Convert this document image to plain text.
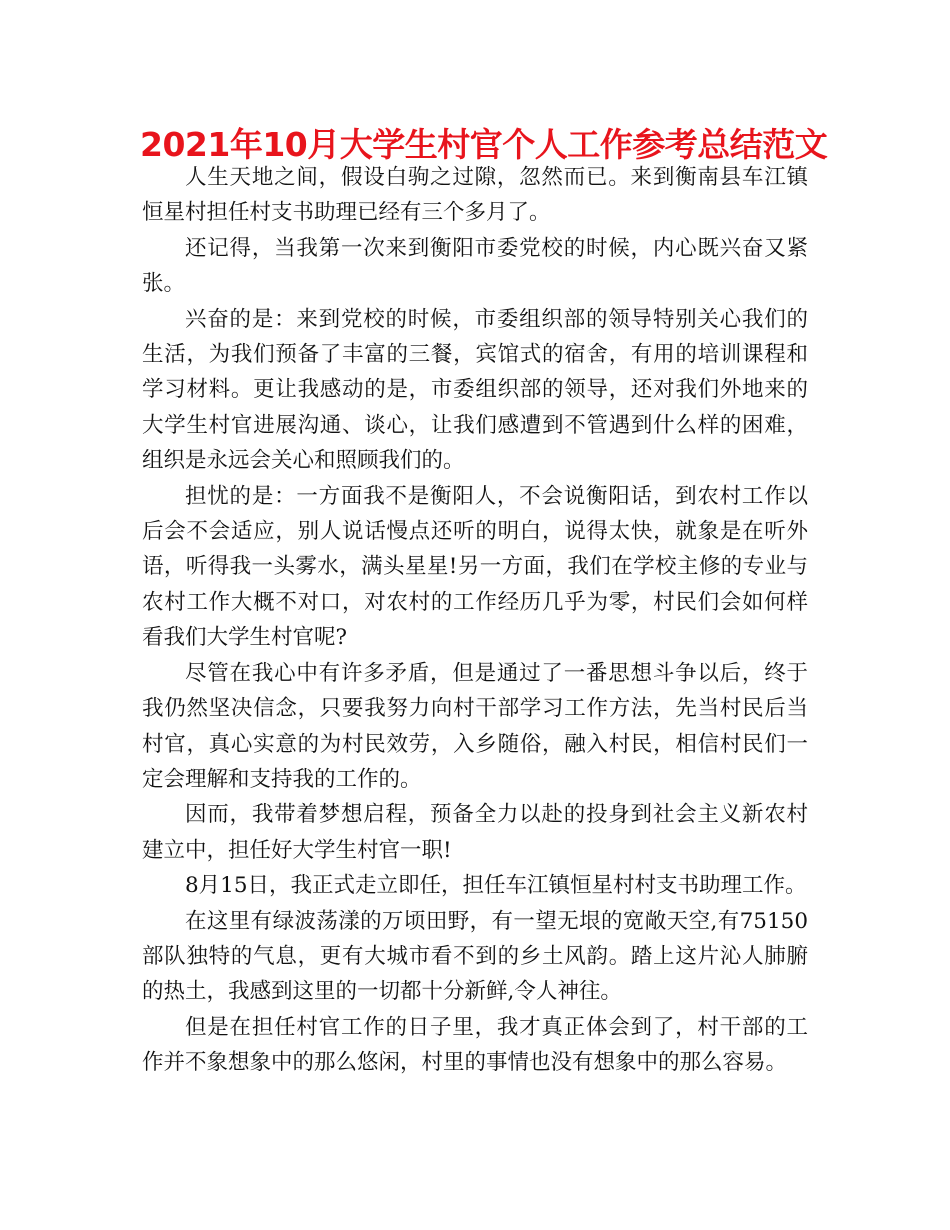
2021年10月大学生村官个人工作参考总结范文

人生天地之间，假设白驹之过隙，忽然而已。来到衡南县车江镇恒星村担任村支书助理已经有三个多月了。

还记得，当我第一次来到衡阳市委党校的时候，内心既兴奋又紧张。

兴奋的是：来到党校的时候，市委组织部的领导特别关心我们的生活，为我们预备了丰富的三餐，宾馆式的宿舍，有用的培训课程和学习材料。更让我感动的是，市委组织部的领导，还对我们外地来的大学生村官进展沟通、谈心，让我们感遭到不管遇到什么样的困难，组织是永远会关心和照顾我们的。

担忧的是：一方面我不是衡阳人，不会说衡阳话，到农村工作以后会不会适应，别人说话慢点还听的明白，说得太快，就象是在听外语，听得我一头雾水，满头星星!另一方面，我们在学校主修的专业与农村工作大概不对口，对农村的工作经历几乎为零，村民们会如何样看我们大学生村官呢?

尽管在我心中有许多矛盾，但是通过了一番思想斗争以后，终于我仍然坚决信念，只要我努力向村干部学习工作方法，先当村民后当村官，真心实意的为村民效劳，入乡随俗，融入村民，相信村民们一定会理解和支持我的工作的。

因而，我带着梦想启程，预备全力以赴的投身到社会主义新农村建立中，担任好大学生村官一职!

8月15日，我正式走立即任，担任车江镇恒星村村支书助理工作。

在这里有绿波荡漾的万顷田野，有一望无垠的宽敞天空,有75150部队独特的气息，更有大城市看不到的乡土风韵。踏上这片沁人肺腑的热土，我感到这里的一切都十分新鲜,令人神往。

但是在担任村官工作的日子里，我才真正体会到了，村干部的工作并不象想象中的那么悠闲，村里的事情也没有想象中的那么容易。
